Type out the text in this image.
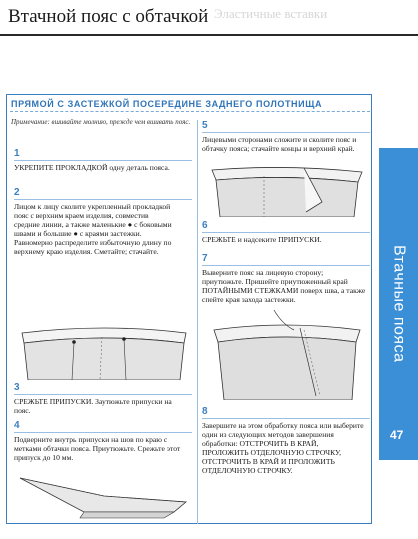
Втачной пояс с обтачкой Эластичные вставки
ПРЯМОЙ С ЗАСТЕЖКОЙ ПОСЕРЕДИНЕ ЗАДНЕГО ПОЛОТНИЩА
Примечание: вшивайте молнию, прежде чем вшивать пояс.
1
УКРЕПИТЕ ПРОКЛАДКОЙ одну деталь пояса.
2
Лицом к лицу сколите укрепленный прокладкой пояс с верхним краем изделия, совместив средние линии, а также маленькие ● с боковыми швами и большие ● с краями застежки. Равномерно распределите избыточную длину по верхнему краю изделия. Сметайте; стачайте.
3
СРЕЖЬТЕ ПРИПУСКИ. Заутюжьте припуски на пояс.
4
Подверните внутрь припуски на шов по краю с метками обтачки пояса. Приутюжьте. Срежьте этот припуск до 10 мм.
5
Лицевыми сторонами сложите и сколите пояс и обтачку пояса; стачайте концы и верхний край.
6
СРЕЖЬТЕ и надсеките ПРИПУСКИ.
7
Выверните пояс на лицевую сторону; приутюжьте. Пришейте приутюженный край ПОТАЙНЫМИ СТЕЖКАМИ поверх шва, а также спейте края захода застежки.
8
Завершите на этом обработку пояса или выберите один из следующих методов завершения обработки: ОТСТРОЧИТЬ В КРАЙ, ПРОЛОЖИТЬ ОТДЕЛОЧНУЮ СТРОЧКУ, ОТСТРОЧИТЬ В КРАЙ И ПРОЛОЖИТЬ ОТДЕЛОЧНУЮ СТРОЧКУ.
Втачные пояса
47
